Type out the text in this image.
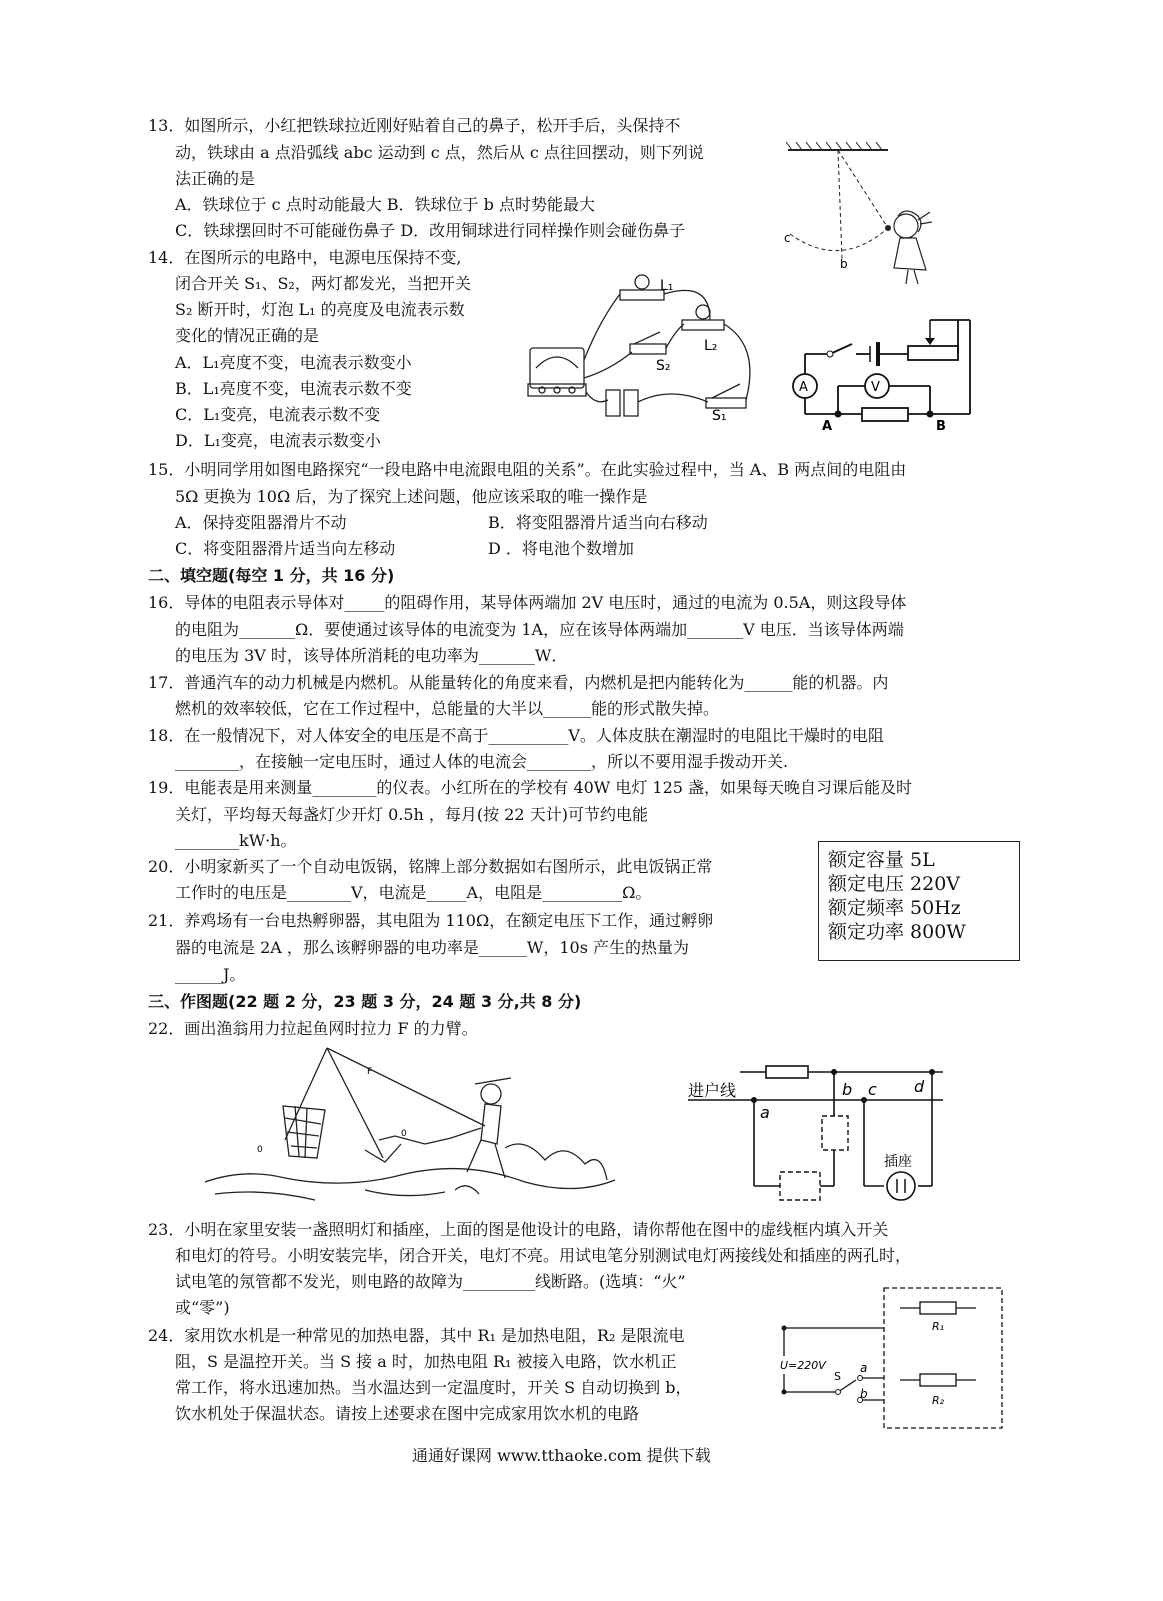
13．如图所示，小红把铁球拉近刚好贴着自己的鼻子，松开手后，头保持不
动，铁球由 a 点沿弧线 abc 运动到 c 点，然后从 c 点往回摆动，则下列说
法正确的是
A．铁球位于 c 点时动能最大 B．铁球位于 b 点时势能最大
C．铁球摆回时不可能碰伤鼻子 D．改用铜球进行同样操作则会碰伤鼻子	c
b
14．在图所示的电路中，电源电压保持不变,
闭合开关 S₁、S₂，两灯都发光，当把开关
S₂ 断开时，灯泡 L₁ 的亮度及电流表示数
变化的情况正确的是
A．L₁亮度不变，电流表示数变小
B．L₁亮度不变，电流表示数不变
C．L₁变亮，电流表示数不变
D．L₁变亮，电流表示数变小
L₁
L₂
S₂
S₁
A	V
A	B
15．小明同学用如图电路探究“一段电路中电流跟电阻的关系”。在此实验过程中，当 A、B 两点间的电阻由
5Ω 更换为 10Ω 后，为了探究上述问题，他应该采取的唯一操作是
A．保持変阻器滑片不动	B．将变阻器滑片适当向右移动
C．将变阻器滑片适当向左移动	D ．将电池个数增加
二、填空题(每空 1 分，共 16 分)
16．导体的电阻表示导体对_____的阻碍作用，某导体两端加 2V 电压时，通过的电流为 0.5A，则这段导体
的电阻为_______Ω．要使通过该导体的电流变为 1A，应在该导体两端加_______V 电压．当该导体两端
的电压为 3V 时，该导体所消耗的电功率为_______W．
17．普通汽车的动力机械是内燃机。从能量转化的角度来看，内燃机是把内能转化为______能的机器。内
燃机的效率较低，它在工作过程中，总能量的大半以______能的形式散失掉。
18．在一般情况下，对人体安全的电压是不高于__________V。人体皮肤在潮湿时的电阻比干燥时的电阻
________，在接触一定电压时，通过人体的电流会________，所以不要用湿手拨动开关.
19．电能表是用来测量________的仪表。小红所在的学校有 40W 电灯 125 盏，如果每天晚自习课后能及时
关灯，平均每天每盏灯少开灯 0.5h ，每月(按 22 天计)可节约电能
________kW·h。
20．小明家新买了一个自动电饭锅，铭牌上部分数据如右图所示，此电饭锅正常
工作时的电压是________V，电流是_____A，电阻是__________Ω。
额定容量 5L
额定电压 220V
额定频率 50Hz
额定功率 800W
21．养鸡场有一台电热孵卵器，其电阻为 110Ω，在额定电压下工作，通过孵卵
器的电流是 2A ，那么该孵卵器的电功率是______W，10s 产生的热量为
______J。
三、作图题(22 题 2 分，23 题 3 分，24 题 3 分,共 8 分)
22．画出渔翁用力拉起鱼网时拉力 F 的力臂。
F
0
0
进户线
a
b c d
插座
23．小明在家里安装一盏照明灯和插座，上面的图是他设计的电路，请你帮他在图中的虚线框内填入开关
和电灯的符号。小明安装完毕，闭合开关，电灯不亮。用试电笔分别测试电灯两接线处和插座的两孔时，
试电笔的氖管都不发光，则电路的故障为_________线断路。(选填：“火”
或“零”)
24．家用饮水机是一种常见的加热电器，其中 R₁ 是加热电阻，R₂ 是限流电
阻，S 是温控开关。当 S 接 a 时，加热电阻 R₁ 被接入电路，饮水机正
常工作，将水迅速加热。当水温达到一定温度时，开关 S 自动切换到 b，
饮水机处于保温状态。请按上述要求在图中完成家用饮水机的电路
U=220V
S
a
b
R₁
R₂
通通好课网 www.tthaoke.com 提供下载
